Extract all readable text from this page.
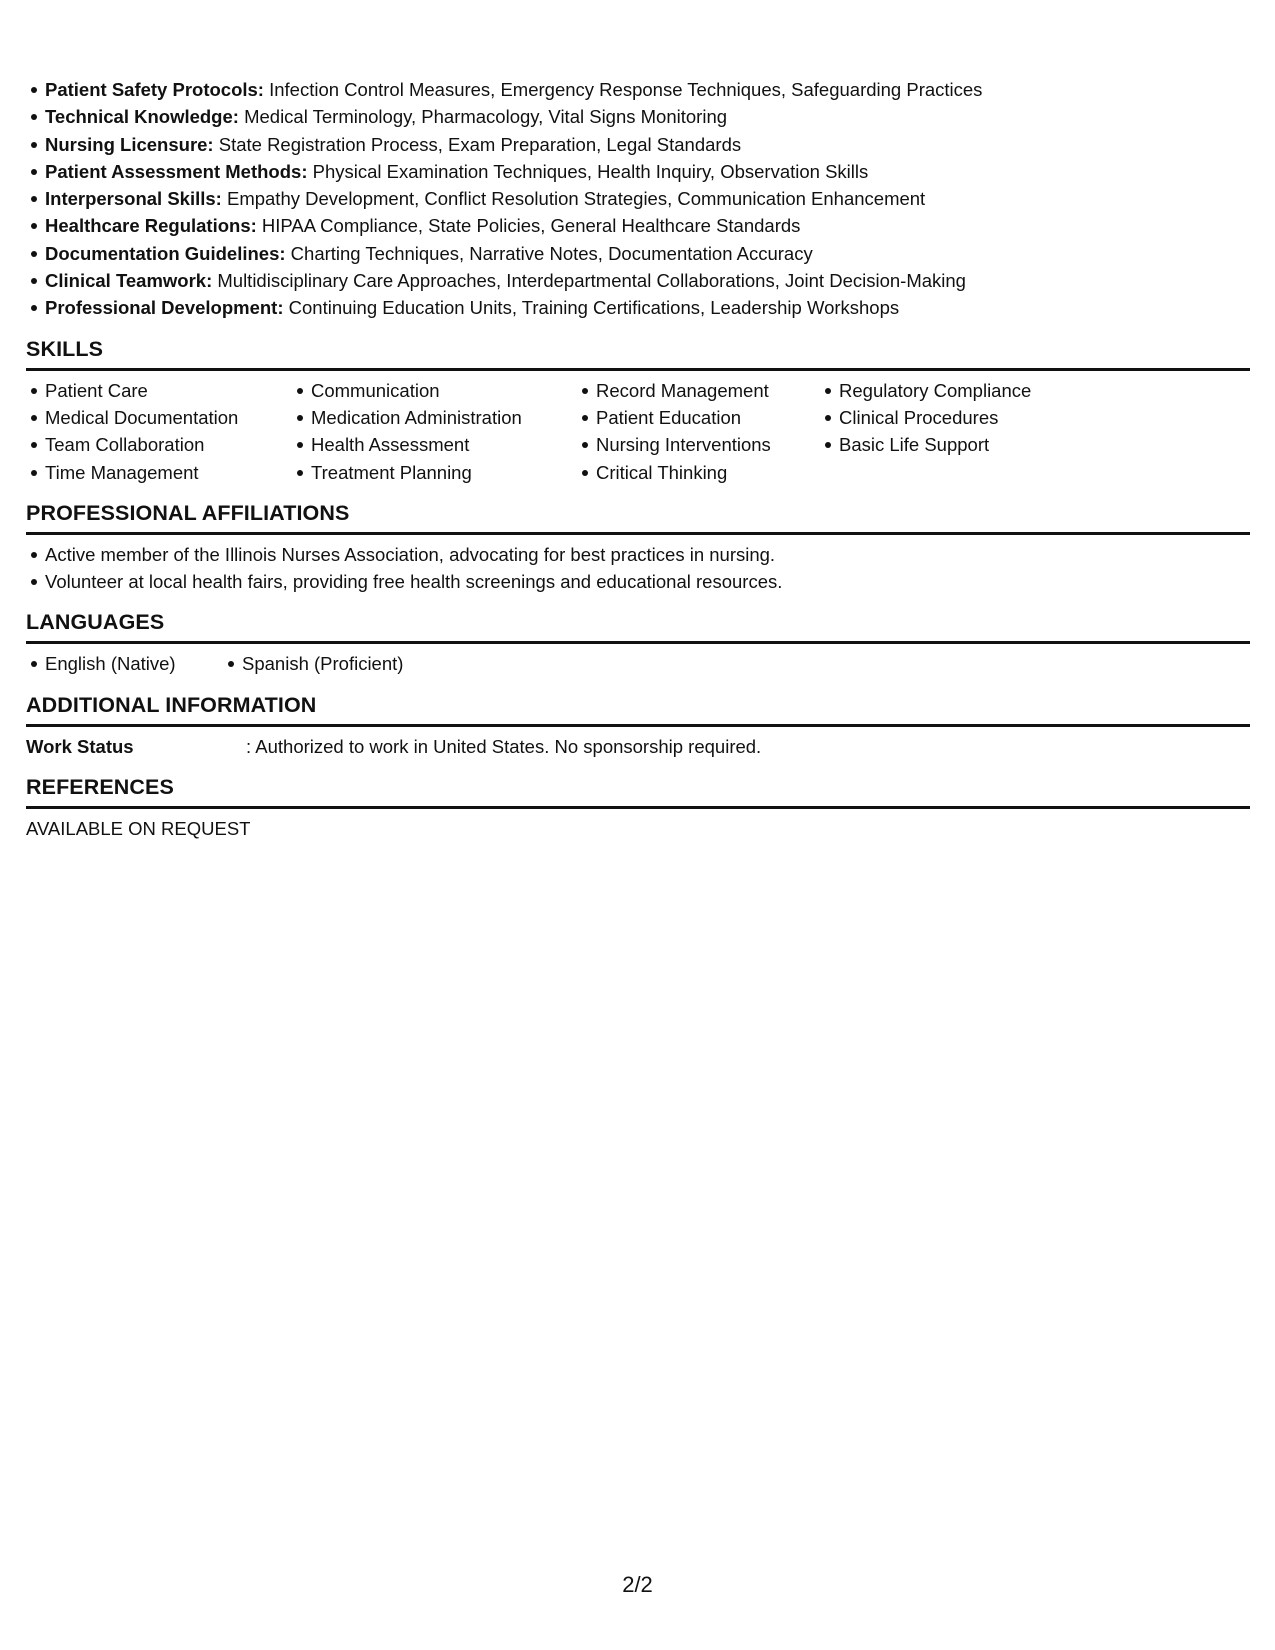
Patient Safety Protocols: Infection Control Measures, Emergency Response Techniques, Safeguarding Practices
Technical Knowledge: Medical Terminology, Pharmacology, Vital Signs Monitoring
Nursing Licensure: State Registration Process, Exam Preparation, Legal Standards
Patient Assessment Methods: Physical Examination Techniques, Health Inquiry, Observation Skills
Interpersonal Skills: Empathy Development, Conflict Resolution Strategies, Communication Enhancement
Healthcare Regulations: HIPAA Compliance, State Policies, General Healthcare Standards
Documentation Guidelines: Charting Techniques, Narrative Notes, Documentation Accuracy
Clinical Teamwork: Multidisciplinary Care Approaches, Interdepartmental Collaborations, Joint Decision-Making
Professional Development: Continuing Education Units, Training Certifications, Leadership Workshops
SKILLS
Patient Care
Medical Documentation
Team Collaboration
Time Management
Communication
Medication Administration
Health Assessment
Treatment Planning
Record Management
Patient Education
Nursing Interventions
Critical Thinking
Regulatory Compliance
Clinical Procedures
Basic Life Support
PROFESSIONAL AFFILIATIONS
Active member of the Illinois Nurses Association, advocating for best practices in nursing.
Volunteer at local health fairs, providing free health screenings and educational resources.
LANGUAGES
English (Native)	Spanish (Proficient)
ADDITIONAL INFORMATION
Work Status	: Authorized to work in United States. No sponsorship required.
REFERENCES
AVAILABLE ON REQUEST
2/2
